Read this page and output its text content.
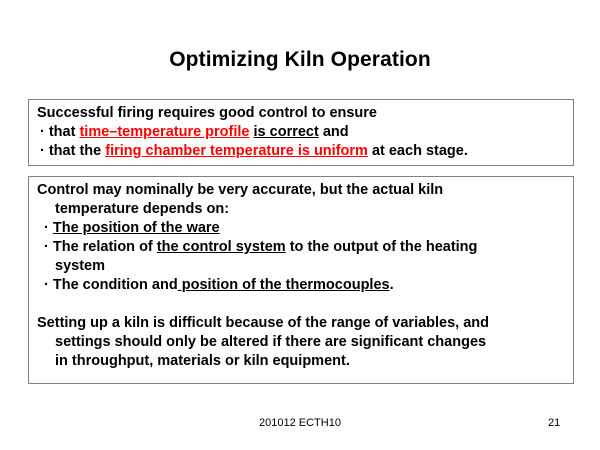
Optimizing Kiln Operation
Successful firing requires good control to ensure
· that time–temperature profile is correct and
· that the firing chamber temperature is uniform at each stage.
Control may nominally be very accurate, but the actual kiln
temperature depends on:
· The position of the ware
· The relation of the control system to the output of the heating
system
· The condition and position of the thermocouples.
Setting up a kiln is difficult because of the range of variables, and
settings should only be altered if there are significant changes
in throughput, materials or kiln equipment.
201012 ECTH10	21
